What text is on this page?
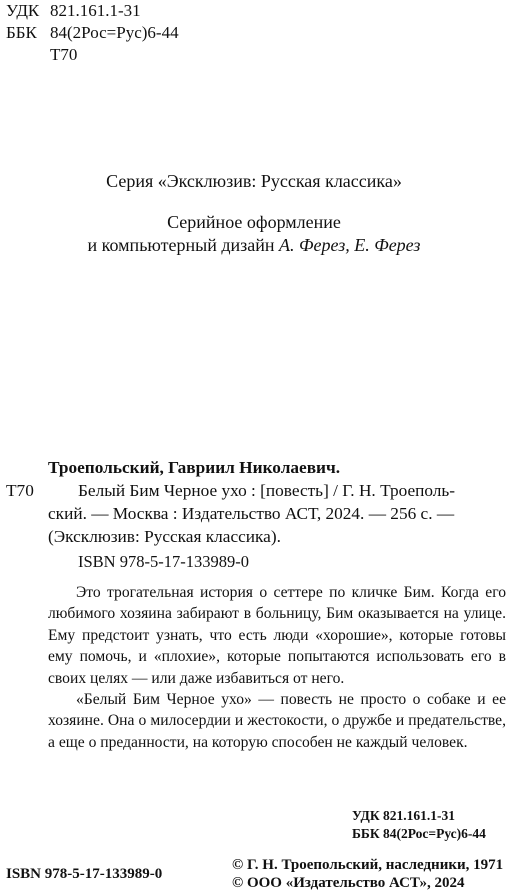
УДК 821.161.1-31
ББК 84(2Рос=Рус)6-44
Т70
Серия «Эксклюзив: Русская классика»
Серийное оформление
и компьютерный дизайн А. Ферез, Е. Ферез
Троепольский, Гавриил Николаевич.
Т70	Белый Бим Черное ухо : [повесть] / Г. Н. Троеполь-
ский. — Москва : Издательство АСТ, 2024. — 256 с. —
(Эксклюзив: Русская классика).
ISBN 978-5-17-133989-0

Это трогательная история о сеттере по кличке Бим. Когда его любимого хозяина забирают в больницу, Бим оказывается на улице. Ему предстоит узнать, что есть люди «хорошие», которые готовы ему помочь, и «плохие», которые попытаются использовать его в своих целях — или даже избавиться от него.

«Белый Бим Черное ухо» — повесть не просто о собаке и ее хозяине. Она о милосердии и жестокости, о дружбе и предательстве, а еще о преданности, на которую способен не каждый человек.

УДК 821.161.1-31
ББК 84(2Рос=Рус)6-44
ISBN 978-5-17-133989-0
© Г. Н. Троепольский, наследники, 1971
© ООО «Издательство АСТ», 2024
